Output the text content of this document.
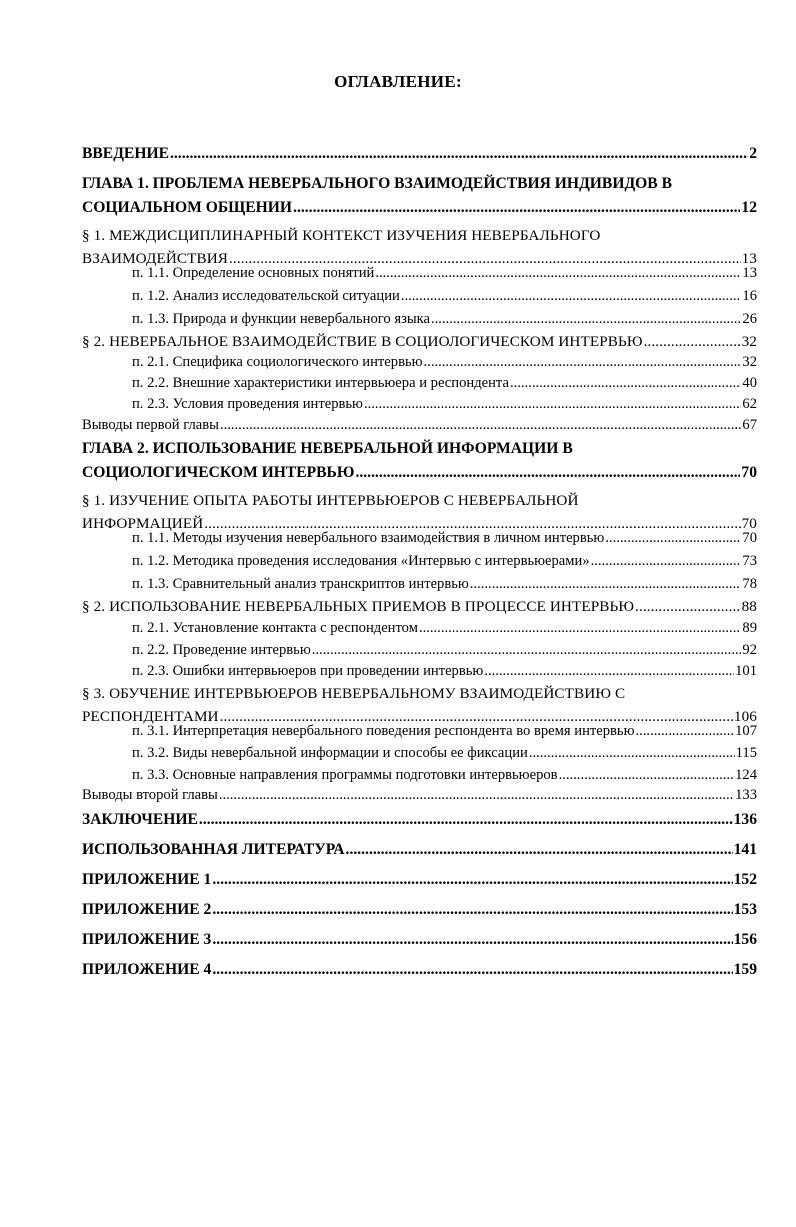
ОГЛАВЛЕНИЕ:
ВВЕДЕНИЕ .....	2
ГЛАВА 1. ПРОБЛЕМА НЕВЕРБАЛЬНОГО ВЗАИМОДЕЙСТВИЯ ИНДИВИДОВ В
СОЦИАЛЬНОМ ОБЩЕНИИ .....	12
§ 1. МЕЖДИСЦИПЛИНАРНЫЙ КОНТЕКСТ ИЗУЧЕНИЯ НЕВЕРБАЛЬНОГО
ВЗАИМОДЕЙСТВИЯ .....	13
п. 1.1. Определение основных понятий .....	13
п. 1.2. Анализ исследовательской ситуации .....	16
п. 1.3. Природа и функции невербального языка .....	26
§ 2. НЕВЕРБАЛЬНОЕ ВЗАИМОДЕЙСТВИЕ В СОЦИОЛОГИЧЕСКОМ ИНТЕРВЬЮ .....	32
п. 2.1. Специфика социологического интервью .....	32
п. 2.2. Внешние характеристики интервьюера и респондента .....	40
п. 2.3. Условия проведения интервью .....	62
Выводы первой главы .....	67
ГЛАВА 2. ИСПОЛЬЗОВАНИЕ НЕВЕРБАЛЬНОЙ ИНФОРМАЦИИ В
СОЦИОЛОГИЧЕСКОМ ИНТЕРВЬЮ .....	70
§ 1. ИЗУЧЕНИЕ ОПЫТА РАБОТЫ ИНТЕРВЬЮЕРОВ С НЕВЕРБАЛЬНОЙ
ИНФОРМАЦИЕЙ .....	70
п. 1.1. Методы изучения невербального взаимодействия в личном интервью .....	70
п. 1.2. Методика проведения исследования «Интервью с интервьюерами» .....	73
п. 1.3. Сравнительный анализ транскриптов интервью .....	78
§ 2. ИСПОЛЬЗОВАНИЕ НЕВЕРБАЛЬНЫХ ПРИЕМОВ В ПРОЦЕССЕ ИНТЕРВЬЮ .....	88
п. 2.1. Установление контакта с респондентом .....	89
п. 2.2. Проведение интервью .....	92
п. 2.3. Ошибки интервьюеров при проведении интервью .....	101
§ 3. ОБУЧЕНИЕ ИНТЕРВЬЮЕРОВ НЕВЕРБАЛЬНОМУ ВЗАИМОДЕЙСТВИЮ С
РЕСПОНДЕНТАМИ .....	106
п. 3.1. Интерпретация невербального поведения респондента во время интервью .....	107
п. 3.2. Виды невербальной информации и способы ее фиксации .....	115
п. 3.3. Основные направления программы подготовки интервьюеров .....	124
Выводы второй главы .....	133
ЗАКЛЮЧЕНИЕ .....	136
ИСПОЛЬЗОВАННАЯ ЛИТЕРАТУРА .....	141
ПРИЛОЖЕНИЕ 1 .....	152
ПРИЛОЖЕНИЕ 2 .....	153
ПРИЛОЖЕНИЕ 3 .....	156
ПРИЛОЖЕНИЕ 4 .....	159
